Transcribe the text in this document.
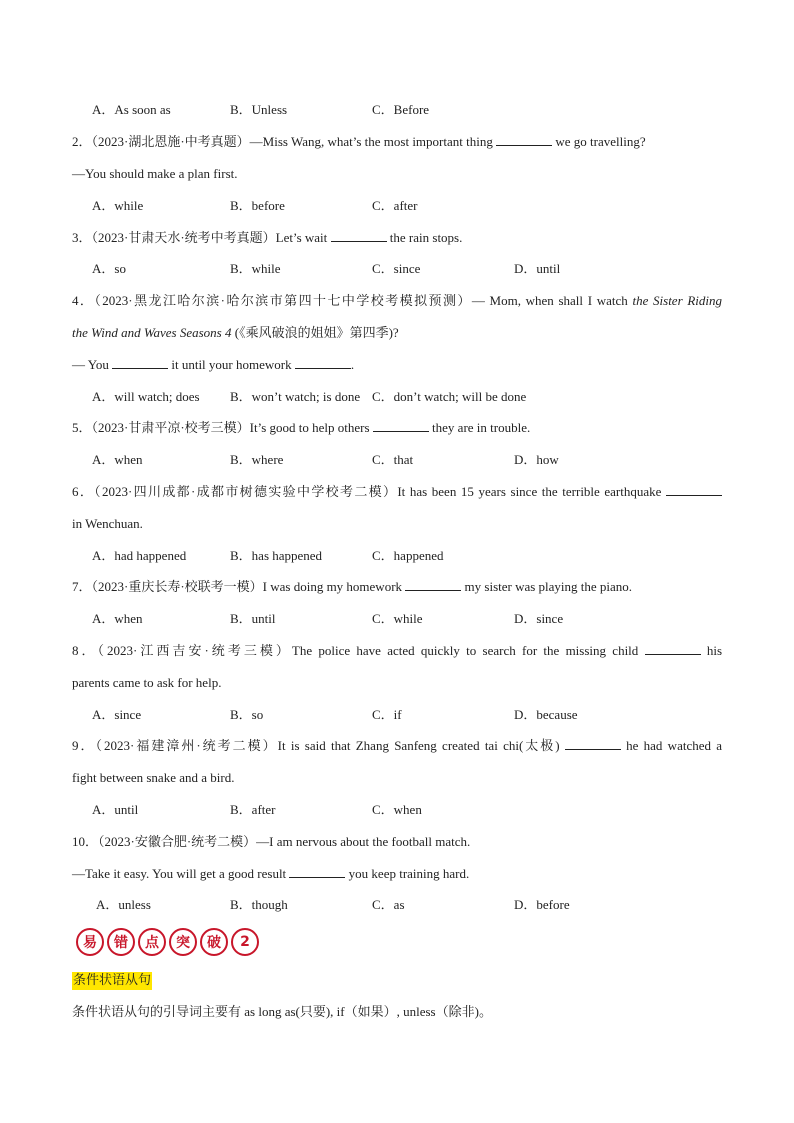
A．As soon as	B．Unless	C．Before
2．（2023·湖北恩施·中考真题）—Miss Wang, what’s the most important thing	we go travelling?
—You should make a plan first.
A．while	B．before	C．after
3．（2023·甘肃天水·统考中考真题）Let’s wait	the rain stops.
A．so	B．while	C．since	D．until
4．（2023·黑龙江哈尔滨·哈尔滨市第四十七中学校考模拟预测）— Mom, when shall I watch the Sister Riding
the Wind and Waves Seasons 4 (《乘风破浪的姐姐》第四季)?
— You	it until your homework	.
A．will watch; does B．won’t watch; is done C．don’t watch; will be done
5．（2023·甘肃平凉·校考三模）It’s good to help others	they are in trouble.
A．when	B．where	C．that	D．how
6．（2023·四川成都·成都市树德实验中学校考二模）It has been 15 years since the terrible earthquake
in Wenchuan.
A．had happened	B．has happened	C．happened
7．（2023·重庆长寿·校联考一模）I was doing my homework	my sister was playing the piano.
A．when	B．until	C．while	D．since
8．（2023·江西吉安·统考三模）The police have acted quickly to search for the missing child	his
parents came to ask for help.
A．since	B．so	C．if	D．because
9．（2023·福建漳州·统考二模）It is said that Zhang Sanfeng created tai chi(太极)	he had watched a
fight between snake and a bird.
A．until	B．after	C．when
10．（2023·安徽合肥·统考二模）—I am nervous about the football match.
—Take it easy. You will get a good result	you keep training hard.
A．unless	B．though	C．as	D．before
易	错	点	突	破	2
条件状语从句
条件状语从句的引导词主要有 as long as(只要), if（如果）, unless（除非)。
